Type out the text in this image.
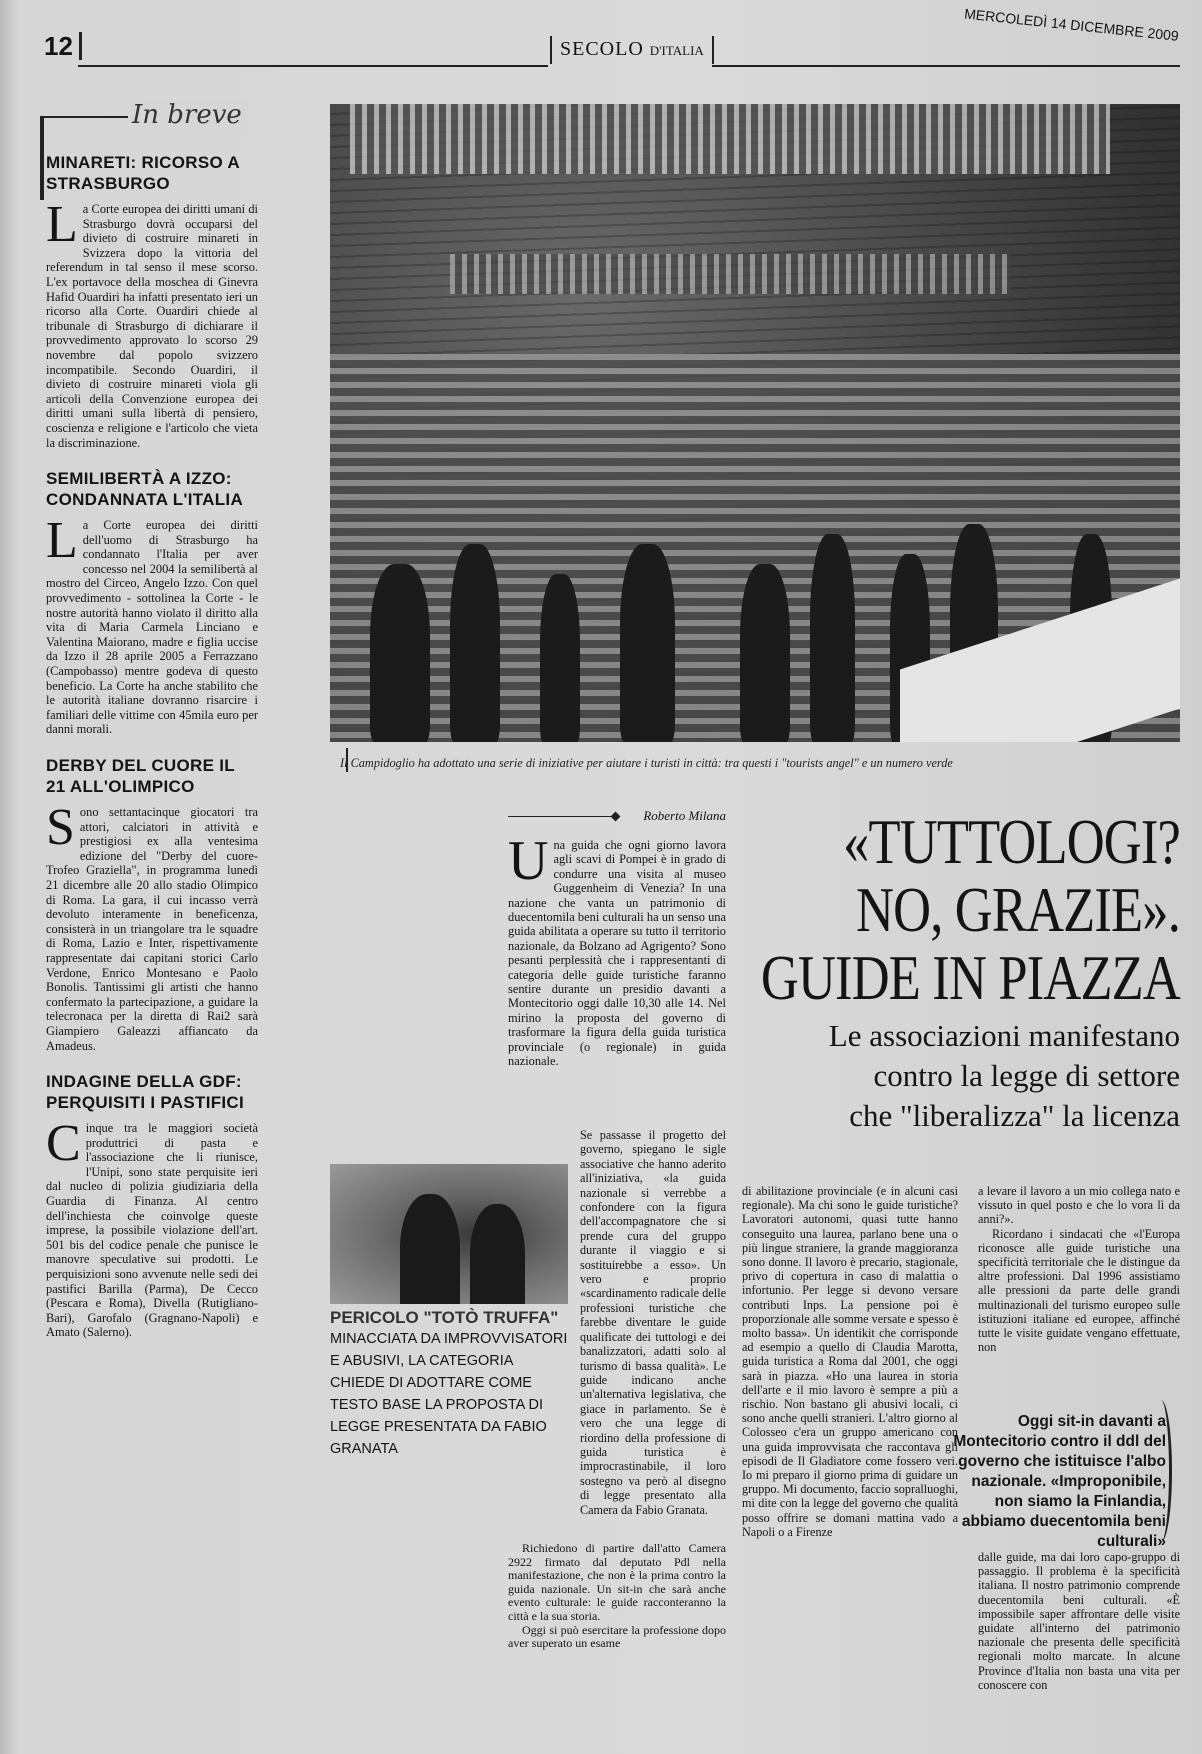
12	SECOLO D'ITALIA
MERCOLEDÌ 14 DICEMBRE 2009
In breve
MINARETI: RICORSO A STRASBURGO
L a Corte europea dei diritti umani di Strasburgo dovrà occuparsi del divieto di costruire minareti in Svizzera dopo la vittoria del referendum in tal senso il mese scorso. L'ex portavoce della moschea di Ginevra Hafid Ouardiri ha infatti presentato ieri un ricorso alla Corte. Ouardiri chiede al tribunale di Strasburgo di dichiarare il provvedimento approvato lo scorso 29 novembre dal popolo svizzero incompatibile. Secondo Ouardiri, il divieto di costruire minareti viola gli articoli della Convenzione europea dei diritti umani sulla libertà di pensiero, coscienza e religione e l'articolo che vieta la discriminazione.
SEMILIBERTÀ A IZZO: CONDANNATA L'ITALIA
L a Corte europea dei diritti dell'uomo di Strasburgo ha condannato l'Italia per aver concesso nel 2004 la semilibertà al mostro del Circeo, Angelo Izzo. Con quel provvedimento - sottolinea la Corte - le nostre autorità hanno violato il diritto alla vita di Maria Carmela Linciano e Valentina Maiorano, madre e figlia uccise da Izzo il 28 aprile 2005 a Ferrazzano (Campobasso) mentre godeva di questo beneficio. La Corte ha anche stabilito che le autorità italiane dovranno risarcire i familiari delle vittime con 45mila euro per danni morali.
DERBY DEL CUORE IL 21 ALL'OLIMPICO
S ono settantacinque giocatori tra attori, calciatori in attività e prestigiosi ex alla ventesima edizione del "Derby del cuore-Trofeo Graziella", in programma lunedì 21 dicembre alle 20 allo stadio Olimpico di Roma. La gara, il cui incasso verrà devoluto interamente in beneficenza, consisterà in un triangolare tra le squadre di Roma, Lazio e Inter, rispettivamente rappresentate dai capitani storici Carlo Verdone, Enrico Montesano e Paolo Bonolis. Tantissimi gli artisti che hanno confermato la partecipazione, a guidare la telecronaca per la diretta di Rai2 sarà Giampiero Galeazzi affiancato da Amadeus.
INDAGINE DELLA GDF: PERQUISITI I PASTIFICI
C inque tra le maggiori società produttrici di pasta e l'associazione che li riunisce, l'Unipi, sono state perquisite ieri dal nucleo di polizia giudiziaria della Guardia di Finanza. Al centro dell'inchiesta che coinvolge queste imprese, la possibile violazione dell'art. 501 bis del codice penale che punisce le manovre speculative sui prodotti. Le perquisizioni sono avvenute nelle sedi dei pastifici Barilla (Parma), De Cecco (Pescara e Roma), Divella (Rutigliano-Bari), Garofalo (Gragnano-Napoli) e Amato (Salerno).
Il Campidoglio ha adottato una serie di iniziative per aiutare i turisti in città: tra questi i "tourists angel" e un numero verde
Roberto Milana	«TUTTOLOGI?
NO, GRAZIE».
GUIDE IN PIAZZA
Le associazioni manifestano
contro la legge di settore
che "liberalizza" la licenza

U na guida che ogni giorno lavora agli scavi di Pompei è in grado di condurre una visita al museo Guggenheim di Venezia? In una nazione che vanta un patrimonio di duecentomila beni culturali ha un senso una guida abilitata a operare su tutto il territorio nazionale, da Bolzano ad Agrigento? Sono pesanti perplessità che i rappresentanti di categoria delle guide turistiche faranno sentire durante un presidio davanti a Montecitorio oggi dalle 10,30 alle 14. Nel mirino la proposta del governo di trasformare la figura della guida turistica provinciale (o regionale) in guida nazionale.

Se passasse il progetto del governo, spiegano le sigle associative che hanno aderito all'iniziativa, «la guida nazionale si verrebbe a confondere con la figura dell'accompagnatore che si prende cura del gruppo durante il viaggio e si sostituirebbe a esso». Un vero e proprio «scardinamento radicale delle professioni turistiche che farebbe diventare le guide qualificate dei tuttologi e dei banalizzatori, adatti solo al turismo di bassa qualità». Le guide indicano anche un'alternativa legislativa, che giace in parlamento. Se è vero che una legge di riordino della professione di guida turistica è improcrastinabile, il loro sostegno va però al disegno di legge presentato alla Camera da Fabio Granata.

Richiedono di partire dall'atto Camera 2922 firmato dal deputato Pdl nella manifestazione, che non è la prima contro la guida nazionale. Un sit-in che sarà anche evento culturale: le guide racconteranno la città e la sua storia.

Oggi si può esercitare la professione dopo aver superato un esame

di abilitazione provinciale (e in alcuni casi regionale). Ma chi sono le guide turistiche? Lavoratori autonomi, quasi tutte hanno conseguito una laurea, parlano bene una o più lingue straniere, la grande maggioranza sono donne. Il lavoro è precario, stagionale, privo di copertura in caso di malattia o infortunio. Per legge si devono versare contributi Inps. La pensione poi è proporzionale alle somme versate e spesso è molto bassa». Un identikit che corrisponde ad esempio a quello di Claudia Marotta, guida turistica a Roma dal 2001, che oggi sarà in piazza. «Ho una laurea in storia dell'arte e il mio lavoro è sempre a più a rischio. Non bastano gli abusivi locali, ci sono anche quelli stranieri. L'altro giorno al Colosseo c'era un gruppo americano con una guida improvvisata che raccontava gli episodi de Il Gladiatore come fossero veri. Io mi preparo il giorno prima di guidare un gruppo. Mi documento, faccio sopralluoghi, mi dite con la legge del governo che qualità posso offrire se domani mattina vado a Napoli o a Firenze

a levare il lavoro a un mio collega nato e vissuto in quel posto e che lo vora lì da anni?».

Ricordano i sindacati che «l'Europa riconosce alle guide turistiche una specificità territoriale che le distingue da altre professioni. Dal 1996 assistiamo alle pressioni da parte delle grandi multinazionali del turismo europeo sulle istituzioni italiane ed europee, affinché tutte le visite guidate vengano effettuate, non

dalle guide, ma dai loro capo-gruppo di passaggio. Il problema è la specificità italiana. Il nostro patrimonio comprende duecentomila beni culturali. «È impossibile saper affrontare delle visite guidate all'interno del patrimonio nazionale che presenta delle specificità regionali molto marcate. In alcune Province d'Italia non basta una vita per conoscere con

PERICOLO "TOTÒ TRUFFA"
MINACCIATA DA IMPROVVISATORI E ABUSIVI, LA CATEGORIA CHIEDE DI ADOTTARE COME TESTO BASE LA PROPOSTA DI LEGGE PRESENTATA DA FABIO GRANATA
Oggi sit-in davanti a Montecitorio contro il ddl del governo che istituisce l'albo nazionale. «Improponibile, non siamo la Finlandia, abbiamo duecentomila beni culturali»
